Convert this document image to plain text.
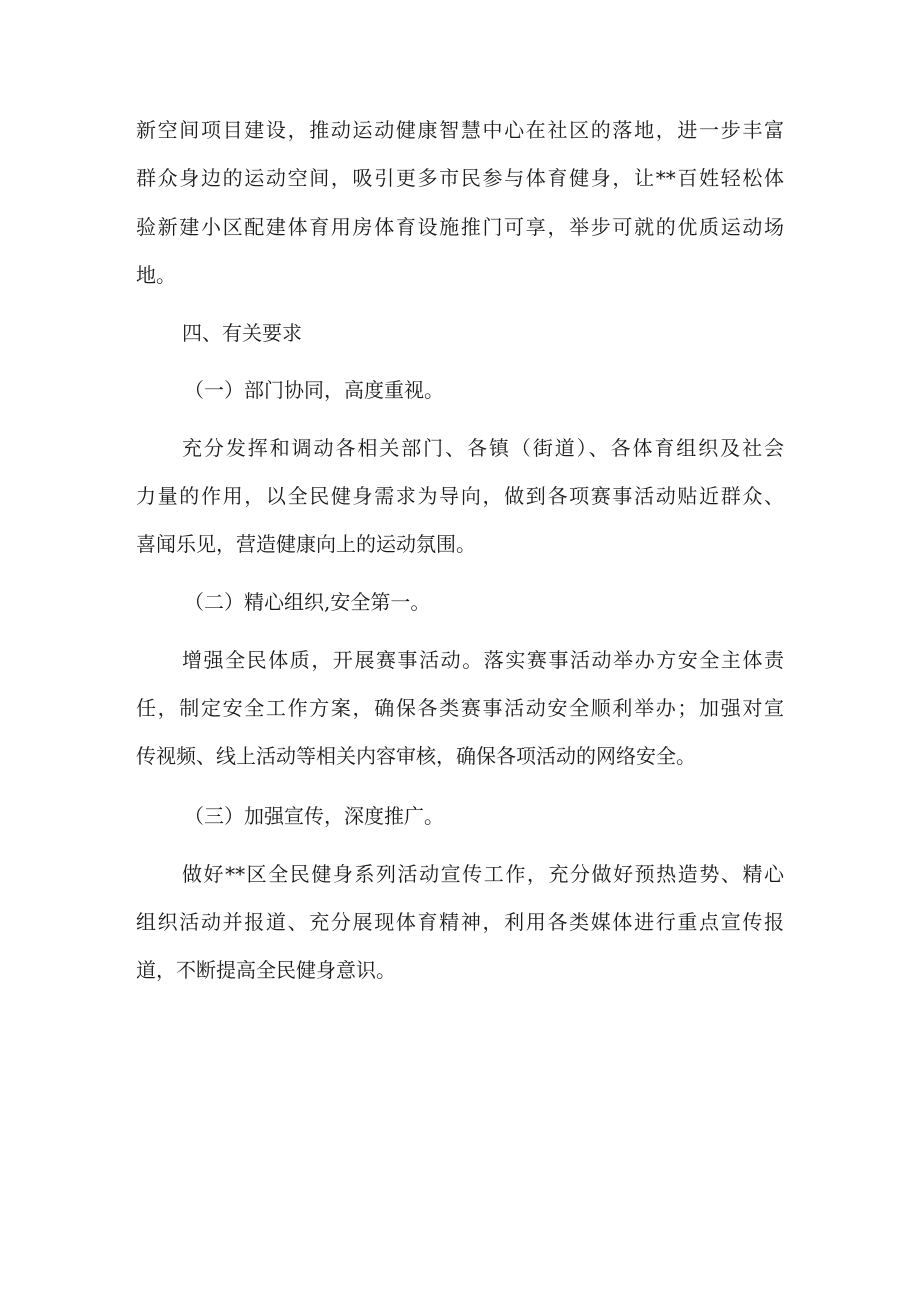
新空间项目建设，推动运动健康智慧中心在社区的落地，进一步丰富
群众身边的运动空间，吸引更多市民参与体育健身，让**百姓轻松体
验新建小区配建体育用房体育设施推门可享，举步可就的优质运动场
地。
四、有关要求
（一）部门协同，高度重视。
充分发挥和调动各相关部门、各镇（街道）、各体育组织及社会
力量的作用，以全民健身需求为导向，做到各项赛事活动贴近群众、
喜闻乐见，营造健康向上的运动氛围。
（二）精心组织,安全第一。
增强全民体质，开展赛事活动。落实赛事活动举办方安全主体责
任，制定安全工作方案，确保各类赛事活动安全顺利举办；加强对宣
传视频、线上活动等相关内容审核，确保各项活动的网络安全。
（三）加强宣传，深度推广。
做好**区全民健身系列活动宣传工作，充分做好预热造势、精心
组织活动并报道、充分展现体育精神，利用各类媒体进行重点宣传报
道，不断提高全民健身意识。
